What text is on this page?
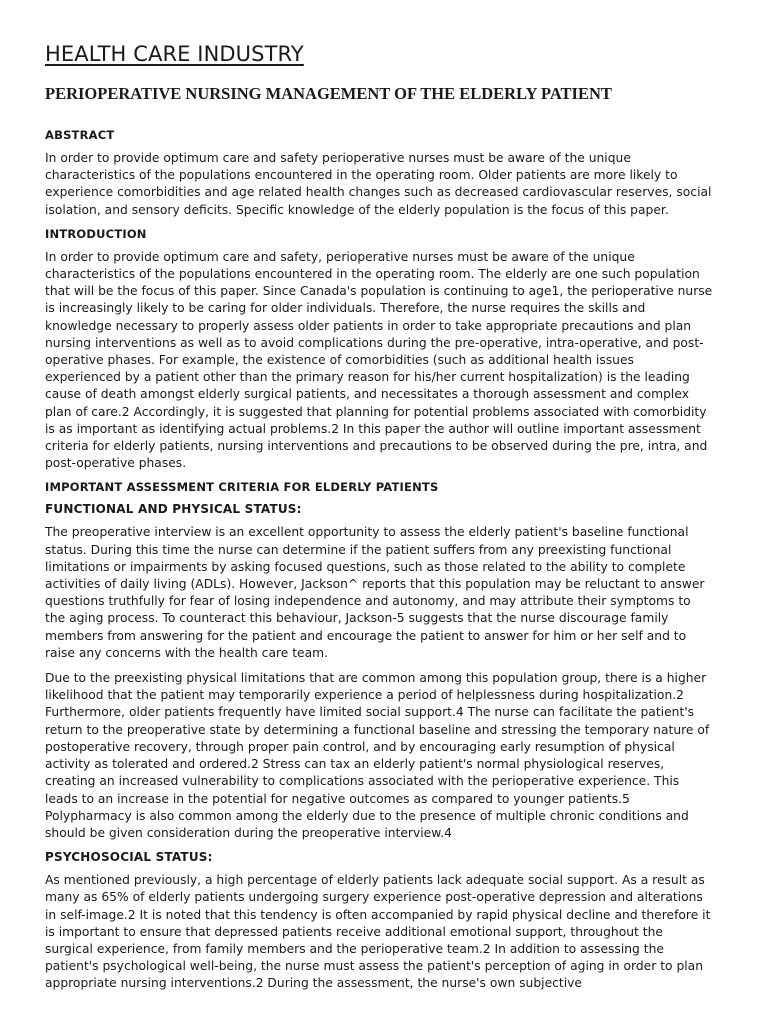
HEALTH CARE INDUSTRY
PERIOPERATIVE NURSING MANAGEMENT OF THE ELDERLY PATIENT
ABSTRACT

In order to provide optimum care and safety perioperative nurses must be aware of the unique characteristics of the populations encountered in the operating room. Older patients are more likely to experience comorbidities and age related health changes such as decreased cardiovascular reserves, social isolation, and sensory deficits. Specific knowledge of the elderly population is the focus of this paper.

INTRODUCTION

In order to provide optimum care and safety, perioperative nurses must be aware of the unique characteristics of the populations encountered in the operating room. The elderly are one such population that will be the focus of this paper. Since Canada's population is continuing to age1, the perioperative nurse is increasingly likely to be caring for older individuals. Therefore, the nurse requires the skills and knowledge necessary to properly assess older patients in order to take appropriate precautions and plan nursing interventions as well as to avoid complications during the pre-operative, intra-operative, and post-operative phases. For example, the existence of comorbidities (such as additional health issues experienced by a patient other than the primary reason for his/her current hospitalization) is the leading cause of death amongst elderly surgical patients, and necessitates a thorough assessment and complex plan of care.2 Accordingly, it is suggested that planning for potential problems associated with comorbidity is as important as identifying actual problems.2 In this paper the author will outline important assessment criteria for elderly patients, nursing interventions and precautions to be observed during the pre, intra, and post-operative phases.

IMPORTANT ASSESSMENT CRITERIA FOR ELDERLY PATIENTS
FUNCTIONAL AND PHYSICAL STATUS:

The preoperative interview is an excellent opportunity to assess the elderly patient's baseline functional status. During this time the nurse can determine if the patient suffers from any preexisting functional limitations or impairments by asking focused questions, such as those related to the ability to complete activities of daily living (ADLs). However, Jackson^ reports that this population may be reluctant to answer questions truthfully for fear of losing independence and autonomy, and may attribute their symptoms to the aging process. To counteract this behaviour, Jackson-5 suggests that the nurse discourage family members from answering for the patient and encourage the patient to answer for him or her self and to raise any concerns with the health care team.

Due to the preexisting physical limitations that are common among this population group, there is a higher likelihood that the patient may temporarily experience a period of helplessness during hospitalization.2 Furthermore, older patients frequently have limited social support.4 The nurse can facilitate the patient's return to the preoperative state by determining a functional baseline and stressing the temporary nature of postoperative recovery, through proper pain control, and by encouraging early resumption of physical activity as tolerated and ordered.2 Stress can tax an elderly patient's normal physiological reserves, creating an increased vulnerability to complications associated with the perioperative experience. This leads to an increase in the potential for negative outcomes as compared to younger patients.5 Polypharmacy is also common among the elderly due to the presence of multiple chronic conditions and should be given consideration during the preoperative interview.4

PSYCHOSOCIAL STATUS:

As mentioned previously, a high percentage of elderly patients lack adequate social support. As a result as many as 65% of elderly patients undergoing surgery experience post-operative depression and alterations in self-image.2 It is noted that this tendency is often accompanied by rapid physical decline and therefore it is important to ensure that depressed patients receive additional emotional support, throughout the surgical experience, from family members and the perioperative team.2 In addition to assessing the patient's psychological well-being, the nurse must assess the patient's perception of aging in order to plan appropriate nursing interventions.2 During the assessment, the nurse's own subjective
